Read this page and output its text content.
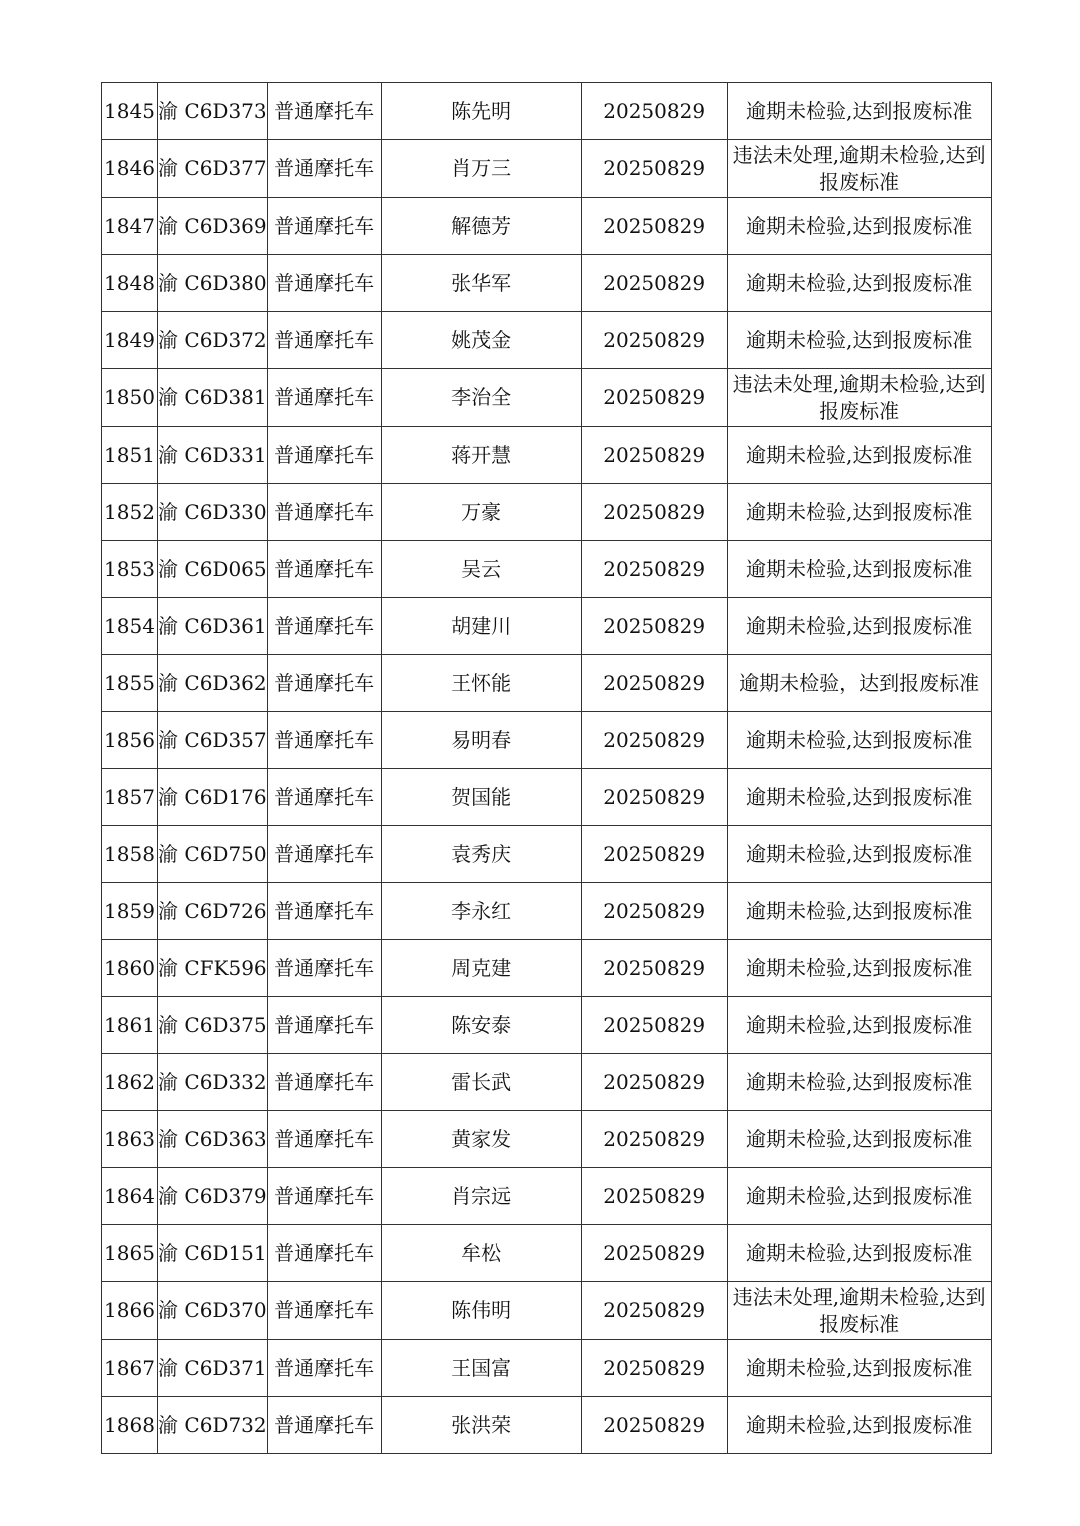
1845	渝 C6D373	普通摩托车	陈先明	20250829	逾期未检验,达到报废标准
1846	渝 C6D377	普通摩托车	肖万三	20250829	违法未处理,逾期未检验,达到报废标准
1847	渝 C6D369	普通摩托车	解德芳	20250829	逾期未检验,达到报废标准
1848	渝 C6D380	普通摩托车	张华军	20250829	逾期未检验,达到报废标准
1849	渝 C6D372	普通摩托车	姚茂金	20250829	逾期未检验,达到报废标准
1850	渝 C6D381	普通摩托车	李治全	20250829	违法未处理,逾期未检验,达到报废标准
1851	渝 C6D331	普通摩托车	蒋开慧	20250829	逾期未检验,达到报废标准
1852	渝 C6D330	普通摩托车	万豪	20250829	逾期未检验,达到报废标准
1853	渝 C6D065	普通摩托车	吴云	20250829	逾期未检验,达到报废标准
1854	渝 C6D361	普通摩托车	胡建川	20250829	逾期未检验,达到报废标准
1855	渝 C6D362	普通摩托车	王怀能	20250829	逾期未检验，达到报废标准
1856	渝 C6D357	普通摩托车	易明春	20250829	逾期未检验,达到报废标准
1857	渝 C6D176	普通摩托车	贺国能	20250829	逾期未检验,达到报废标准
1858	渝 C6D750	普通摩托车	袁秀庆	20250829	逾期未检验,达到报废标准
1859	渝 C6D726	普通摩托车	李永红	20250829	逾期未检验,达到报废标准
1860	渝 CFK596	普通摩托车	周克建	20250829	逾期未检验,达到报废标准
1861	渝 C6D375	普通摩托车	陈安泰	20250829	逾期未检验,达到报废标准
1862	渝 C6D332	普通摩托车	雷长武	20250829	逾期未检验,达到报废标准
1863	渝 C6D363	普通摩托车	黄家发	20250829	逾期未检验,达到报废标准
1864	渝 C6D379	普通摩托车	肖宗远	20250829	逾期未检验,达到报废标准
1865	渝 C6D151	普通摩托车	牟松	20250829	逾期未检验,达到报废标准
1866	渝 C6D370	普通摩托车	陈伟明	20250829	违法未处理,逾期未检验,达到报废标准
1867	渝 C6D371	普通摩托车	王国富	20250829	逾期未检验,达到报废标准
1868	渝 C6D732	普通摩托车	张洪荣	20250829	逾期未检验,达到报废标准
